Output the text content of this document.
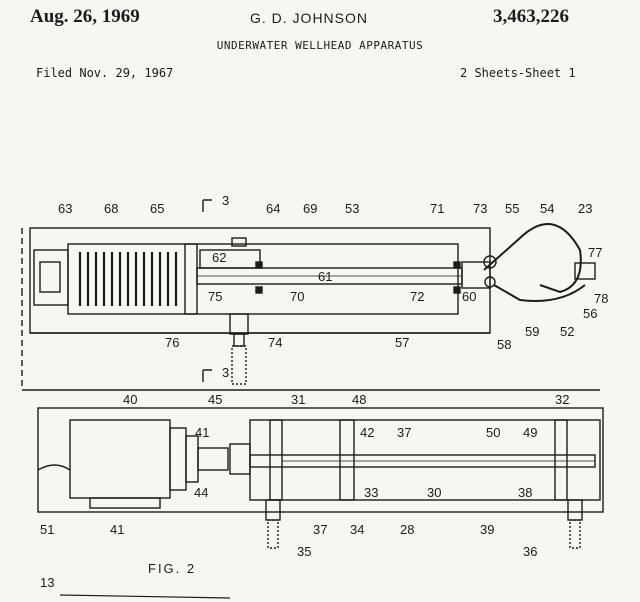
Aug. 26, 1969	G. D. JOHNSON	3,463,226
UNDERWATER WELLHEAD APPARATUS
Filed Nov. 29, 1967	2 Sheets-Sheet 1
63 68 65
3
64 69 53	71 73 55 54 23
62
61
77
75	70	72	60	78
56
59 52
58
57
76	74
3
40	45	31	48	32
41	42 37	50 49
44	33	30	38
51	41	37 34	28	39
35	36
FIG. 2
13
